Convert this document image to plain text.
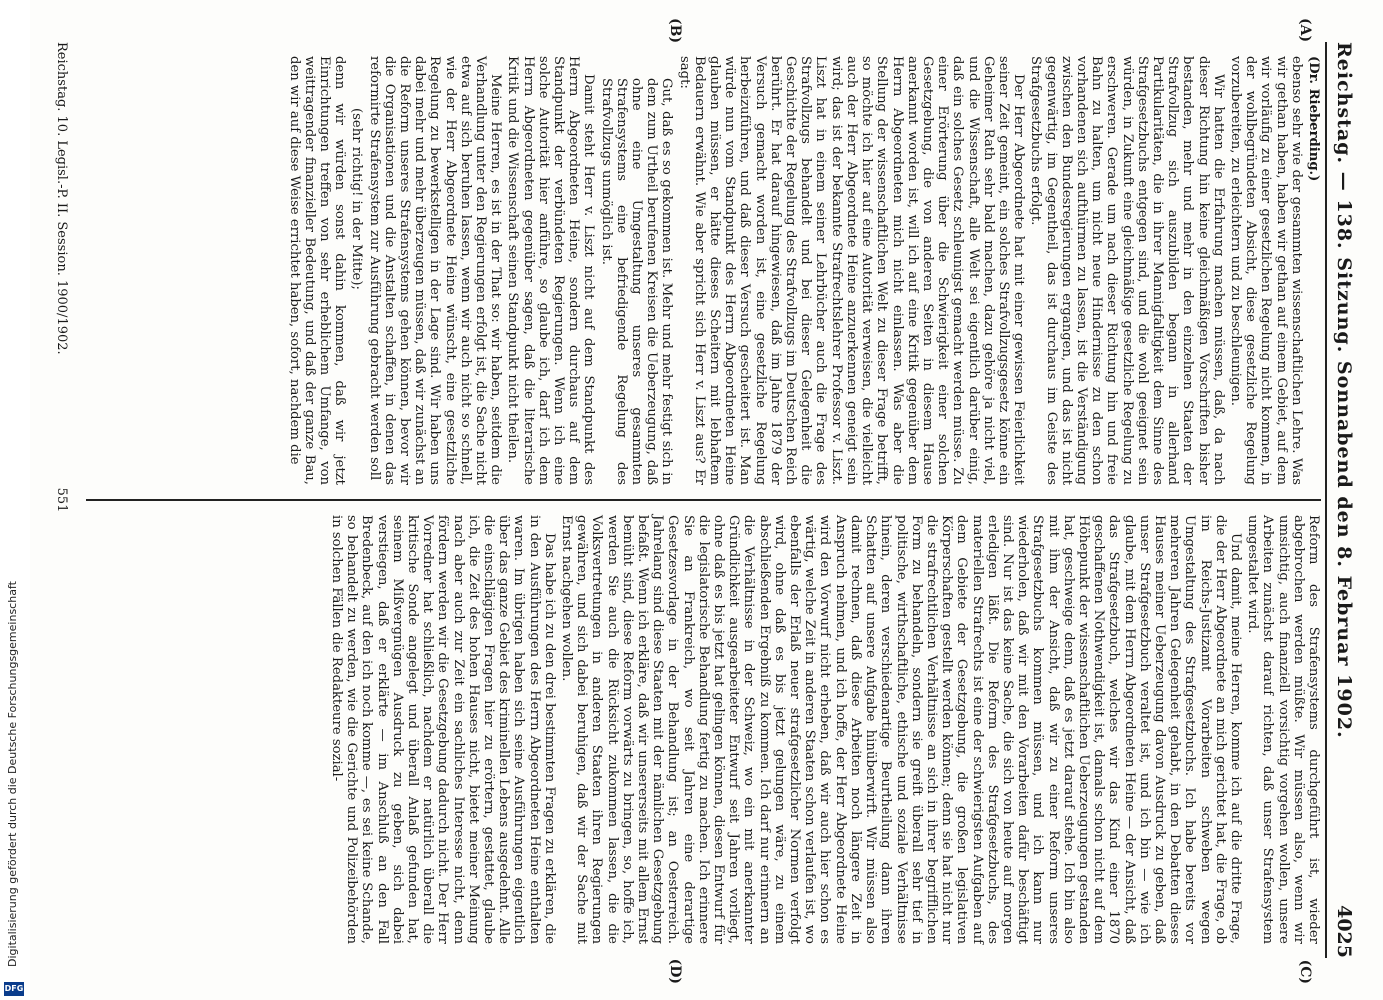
Digitalisierung gefördert durch die Deutsche Forschungsgemeinschaft
DFG
Reichstag. — 138. Sitzung. Sonnabend den 8. Februar 1902.
4025
(A)
(B)
(C)
(D)
(Dr. Rieberding.)

ebenso sehr wie der gesammten wissenschaftlichen Lehre. Was wir gethan haben, haben wir gethan auf einem Gebiet, auf dem wir vorläufig zu einer gesetzlichen Regelung nicht kommen, in der wohlbegründeten Absicht, diese gesetzliche Regelung vorzubereiten, zu erleichtern und zu beschleunigen.

Wir hatten die Erfahrung machen müssen, daß, da nach dieser Richtung hin keine gleichmäßigen Vorschriften bisher bestanden, mehr und mehr in den einzelnen Staaten der Strafvollzug sich auszubilden begann in allerhand Partikularitäten, die in ihrer Mannigfaltigkeit dem Sinne des Strafgesetzbuchs entgegen sind, und die wohl geeignet sein würden, in Zukunft eine gleichmäßige gesetzliche Regelung zu erschweren. Gerade um nach dieser Richtung hin und freie Bahn zu halten, um nicht neue Hindernisse zu den schon vorhandenen sich aufthürmen zu lassen, ist die Verständigung zwischen den Bundesregierungen ergangen, und das ist nicht gegenwärtig, im Gegentheil, das ist durchaus im Geiste des Strafgesetzbuchs erfolgt.

Der Herr Abgeordnete hat mit einer gewissen Feierlichkeit seiner Zeit gemeint, ein solches Strafvollzugsgesetz könne ein Geheimer Rath sehr bald machen, dazu gehöre ja nicht viel, und die Wissenschaft, alle Welt sei eigentlich darüber einig, daß ein solches Gesetz schleunigst gemacht werden müsse. Zu einer Erörterung über die Schwierigkeit einer solchen Gesetzgebung, die von anderen Seiten in diesem Hause anerkannt worden ist, will ich auf eine Kritik gegenüber dem Herrn Abgeordneten mich nicht einlassen. Was aber die Stellung der wissenschaftlichen Welt zu dieser Frage betrifft, so möchte ich hier auf eine Autorität verweisen, die vielleicht auch der Herr Abgeordnete Heine anzuerkennen geneigt sein wird; das ist der bekannte Strafrechtslehrer Professor v. Liszt. Liszt hat in einem seiner Lehrbücher auch die Frage des Strafvollzugs behandelt und bei dieser Gelegenheit die Geschichte der Regelung des Strafvollzugs im Deutschen Reich berührt. Er hat darauf hingewiesen, daß im Jahre 1879 der Versuch gemacht worden ist, eine gesetzliche Regelung herbeizuführen, und daß dieser Versuch gescheitert ist. Man würde nun vom Standpunkt des Herrn Abgeordneten Heine glauben müssen, er hätte dieses Scheitern mit lebhaftem Bedauern erwähnt. Wie aber spricht sich Herr v. Liszt aus? Er sagt:

Gut, daß es so gekommen ist. Mehr und mehr festigt sich in dem zum Urtheil berufenen Kreisen die Ueberzeugung, daß ohne eine Umgestaltung unseres gesammten Strafensystems eine befriedigende Regelung des Strafvollzugs unmöglich ist.

Damit steht Herr v. Liszt nicht auf dem Standpunkt des Herrn Abgeordneten Heine, sondern durchaus auf dem Standpunkt der verbündeten Regierungen. Wenn ich eine solche Autorität hier anführe, so glaube ich, darf ich dem Herrn Abgeordneten gegenüber sagen, daß die literarische Kritik und die Wissenschaft seinen Standpunkt nicht theilen.

Meine Herren, es ist in der That so: wir haben, seitdem die Verhandlung unter den Regierungen erfolgt ist, die Sache nicht etwa auf sich beruhen lassen, wenn wir auch nicht so schnell, wie der Herr Abgeordnete Heine wünscht, eine gesetzliche Regelung zu bewerkstelligen in der Lage sind. Wir haben uns dabei mehr und mehr überzeugen müssen, daß wir zunächst an die Reform unseres Strafensystems gehen können, bevor wir die Organisationen und die Anstalten schaffen, in denen das reformirte Strafensystem zur Ausführung gebracht werden soll

(sehr richtig! in der Mitte);

denn wir würden sonst dahin kommen, daß wir jetzt Einrichtungen treffen von sehr erheblichem Umfange, von weittragender finanzieller Bedeutung, und daß der ganze Bau, den wir auf diese Weise errichtet haben, sofort, nachdem die

Reform des Strafensystems durchgeführt ist, wieder abgebrochen werden müßte. Wir müssen also, wenn wir umsichtig, auch finanziell vorsichtig vorgehen wollen, unsere Arbeiten zunächst darauf richten, daß unser Strafensystem umgestaltet wird.

Und damit, meine Herren, komme ich auf die dritte Frage, die der Herr Abgeordnete an mich gerichtet hat, die Frage, ob im Reichs-Justizamt Vorarbeiten schweben wegen Umgestaltung des Strafgesetzbuchs. Ich habe bereits vor mehreren Jahren Gelegenheit gehabt, in den Debatten dieses Hauses meiner Ueberzeugung davon Ausdruck zu geben, daß unser Strafgesetzbuch veraltet ist, und ich bin — wie ich glaube, mit dem Herrn Abgeordneten Heine — der Ansicht, daß das Strafgesetzbuch, welches wir das Kind einer 1870 geschaffenen Nothwendigkeit ist, damals schon nicht auf dem Höhepunkt der wissenschaftlichen Ueberzeugungen gestanden hat, geschweige denn, daß es jetzt darauf stehe. Ich bin also mit ihm der Ansicht, daß wir zu einer Reform unseres Strafgesetzbuchs kommen müssen, und ich kann nur wiederholen, daß wir mit den Vorarbeiten dafür beschäftigt sind. Nur ist das keine Sache, die sich von heute auf morgen erledigen läßt. Die Reform des Strafgesetzbuchs, des materiellen Strafrechts ist eine der schwierigsten Aufgaben auf dem Gebiete der Gesetzgebung, die großen legislativen Körperschaften gestellt werden können; denn sie hat nicht nur die strafrechtlichen Verhältnisse an sich in ihrer begrifflichen Form zu behandeln, sondern sie greift überall sehr tief in politische, wirthschaftliche, ethische und soziale Verhältnisse hinein, deren verschiedenartige Beurtheilung dann ihren Schatten auf unsere Aufgabe hinüberwirft. Wir müssen also damit rechnen, daß diese Arbeiten noch längere Zeit in Anspruch nehmen, und ich hoffe, der Herr Abgeordnete Heine wird den Vorwurf nicht erheben, daß wir auch hier schon es wärtig, welche Zeit in anderen Staaten schon verlaufen ist, wo ebenfalls der Erlaß neuer strafgesetzlicher Normen verfolgt wird, ohne daß es bis jetzt gelungen wäre, zu einem abschließenden Ergebniß zu kommen. Ich darf nur erinnern an die Verhältnisse in der Schweiz, wo ein mit anerkannter Gründlichkeit ausgearbeiteter Entwurf seit Jahren vorliegt, ohne daß es bis jetzt hat gelingen können, diesen Entwurf für die legislatorische Behandlung fertig zu machen. Ich erinnere Sie an Frankreich, wo seit Jahren eine derartige Gesetzesvorlage in der Behandlung ist; an Oesterreich. Jahrelang sind diese Staaten mit der nämlichen Gesetzgebung befaßt. Wenn ich erkläre, daß wir unsererseits mit allem Ernst bemüht sind, diese Reform vorwärts zu bringen, so, hoffe ich, werden Sie auch die Rücksicht zukommen lassen, die die Volksvertretungen in anderen Staaten ihren Regierungen gewähren, und sich dabei beruhigen, daß wir der Sache mit Ernst nachgehen wollen.

Das habe ich zu den drei bestimmten Fragen zu erklären, die in den Ausführungen des Herrn Abgeordneten Heine enthalten waren. Im übrigen haben sich seine Ausführungen eigentlich über das ganze Gebiet des kriminellen Lebens ausgedehnt. Alle die einschlägigen Fragen hier zu erörtern, gestattet, glaube ich, die Zeit des hohen Hauses nicht, bietet meiner Meinung nach aber auch zur Zeit ein sachliches Interesse nicht, denn fördern werden wir die Gesetzgebung dadurch nicht. Der Herr Vorredner hat schließlich, nachdem er natürlich überall die kritische Sonde angelegt und überall Anlaß gefunden hat, seinem Mißvergnügen Ausdruck zu geben, sich dabei verstiegen, daß er erklärte — im Anschluß an den Fall Bredenbeck, auf den ich noch komme —, es sei keine Schande, so behandelt zu werden, wie die Gerichte und Polizeibehörden in solchen Fällen die Redakteure sozial-

Reichstag. 10. Legisl.-P. II. Session. 1900/1902.
551
